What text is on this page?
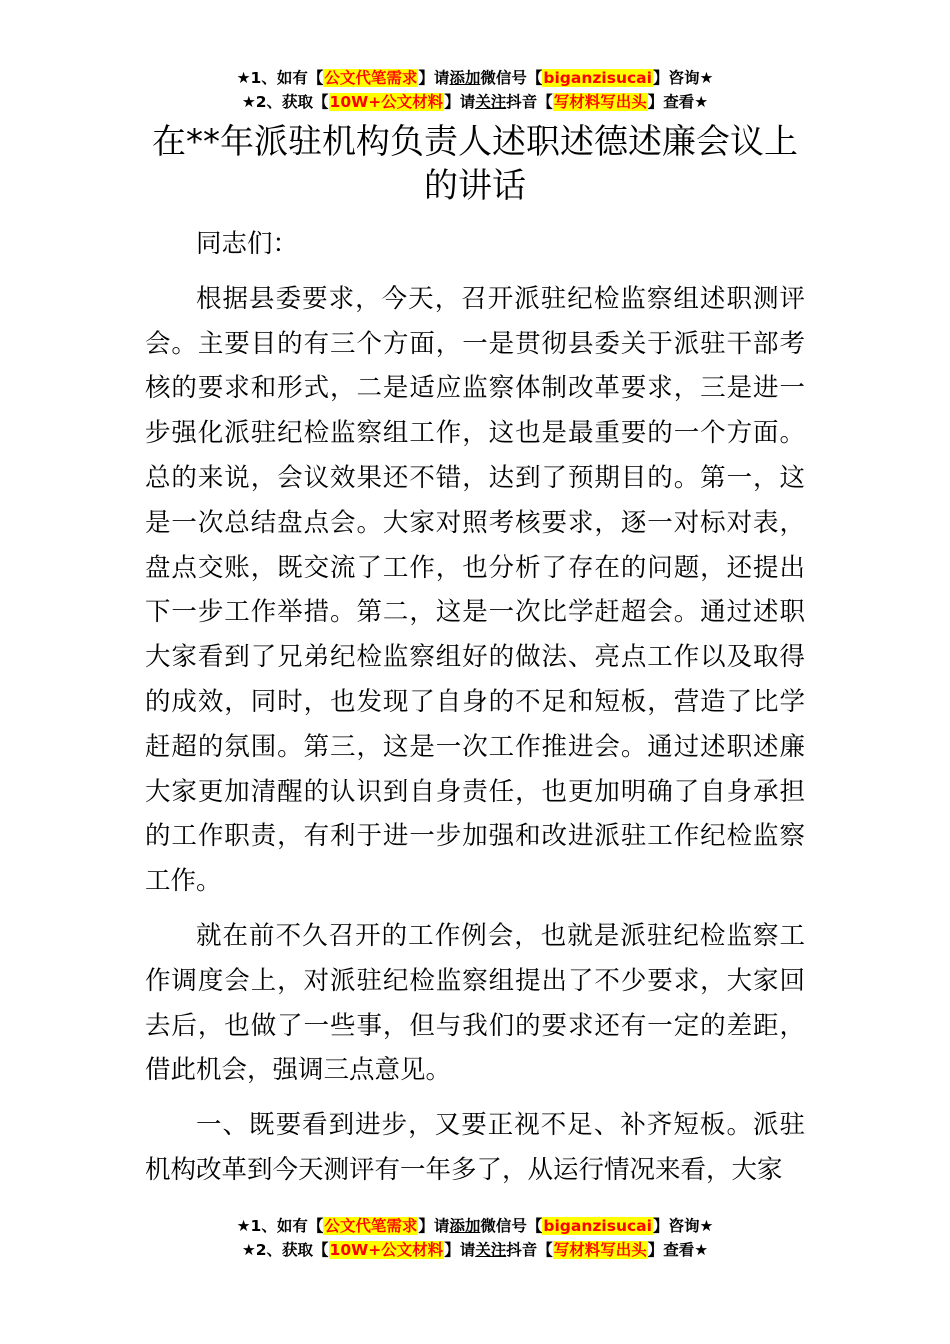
★1、如有【公文代笔需求】请添加微信号【biganzisucai】咨询★
★2、获取【10W+公文材料】请关注抖音【写材料写出头】查看★
在**年派驻机构负责人述职述德述廉会议上的讲话

同志们：

根据县委要求，今天，召开派驻纪检监察组述职测评会。主要目的有三个方面，一是贯彻县委关于派驻干部考核的要求和形式，二是适应监察体制改革要求，三是进一步强化派驻纪检监察组工作，这也是最重要的一个方面。总的来说，会议效果还不错，达到了预期目的。第一，这是一次总结盘点会。大家对照考核要求，逐一对标对表，盘点交账，既交流了工作，也分析了存在的问题，还提出下一步工作举措。第二，这是一次比学赶超会。通过述职大家看到了兄弟纪检监察组好的做法、亮点工作以及取得的成效，同时，也发现了自身的不足和短板，营造了比学赶超的氛围。第三，这是一次工作推进会。通过述职述廉大家更加清醒的认识到自身责任，也更加明确了自身承担的工作职责，有利于进一步加强和改进派驻工作纪检监察工作。

就在前不久召开的工作例会，也就是派驻纪检监察工作调度会上，对派驻纪检监察组提出了不少要求，大家回去后，也做了一些事，但与我们的要求还有一定的差距，借此机会，强调三点意见。

一、既要看到进步，又要正视不足、补齐短板。派驻机构改革到今天测评有一年多了，从运行情况来看，大家

★1、如有【公文代笔需求】请添加微信号【biganzisucai】咨询★
★2、获取【10W+公文材料】请关注抖音【写材料写出头】查看★
